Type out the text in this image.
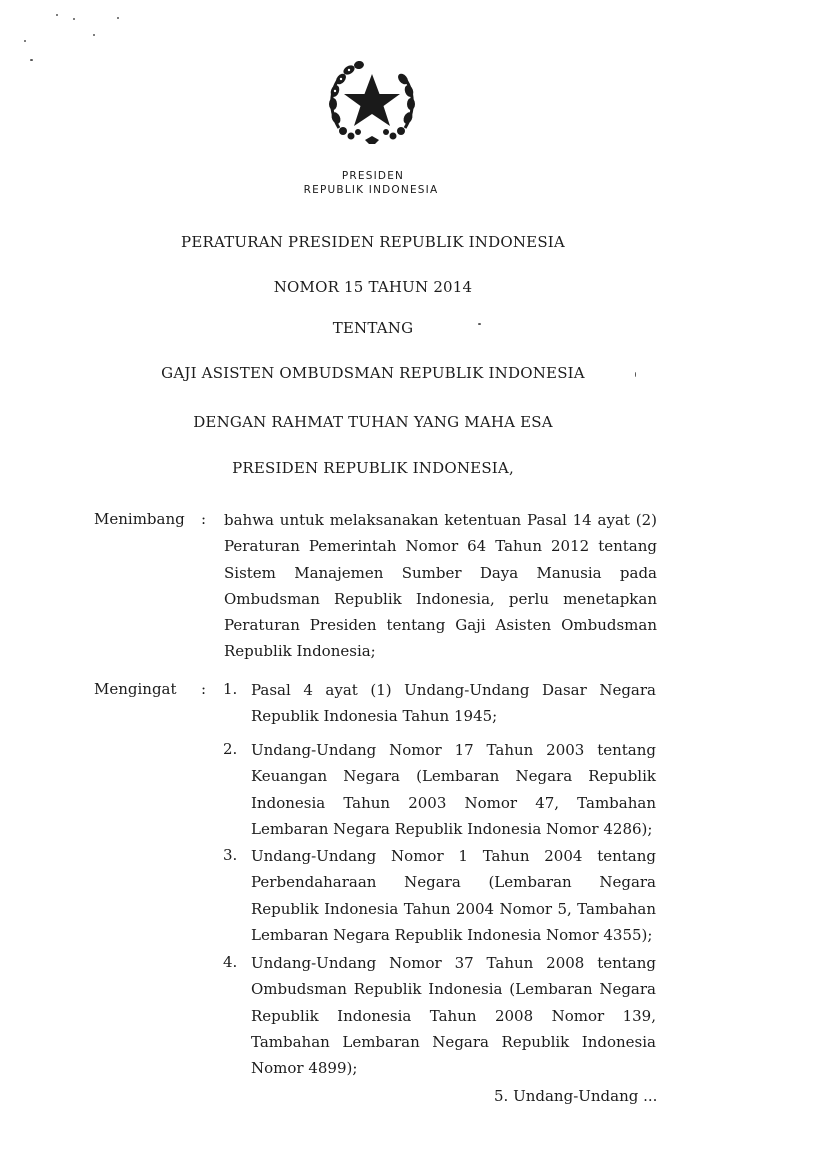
PRESIDEN
REPUBLIK INDONESIA
PERATURAN PRESIDEN REPUBLIK INDONESIA
NOMOR 15 TAHUN 2014
TENTANG
GAJI ASISTEN OMBUDSMAN REPUBLIK INDONESIA
DENGAN RAHMAT TUHAN YANG MAHA ESA
PRESIDEN REPUBLIK INDONESIA,
Menimbang : bahwa untuk melaksanakan ketentuan Pasal 14 ayat (2) Peraturan Pemerintah Nomor 64 Tahun 2012 tentang Sistem Manajemen Sumber Daya Manusia pada Ombudsman Republik Indonesia, perlu menetapkan Peraturan Presiden tentang Gaji Asisten Ombudsman Republik Indonesia;
Mengingat : 1. Pasal 4 ayat (1) Undang-Undang Dasar Negara Republik Indonesia Tahun 1945;
2. Undang-Undang Nomor 17 Tahun 2003 tentang Keuangan Negara (Lembaran Negara Republik Indonesia Tahun 2003 Nomor 47, Tambahan Lembaran Negara Republik Indonesia Nomor 4286);
3. Undang-Undang Nomor 1 Tahun 2004 tentang Perbendaharaan Negara (Lembaran Negara Republik Indonesia Tahun 2004 Nomor 5, Tambahan Lembaran Negara Republik Indonesia Nomor 4355);
4. Undang-Undang Nomor 37 Tahun 2008 tentang Ombudsman Republik Indonesia (Lembaran Negara Republik Indonesia Tahun 2008 Nomor 139, Tambahan Lembaran Negara Republik Indonesia Nomor 4899);
5. Undang-Undang ...
